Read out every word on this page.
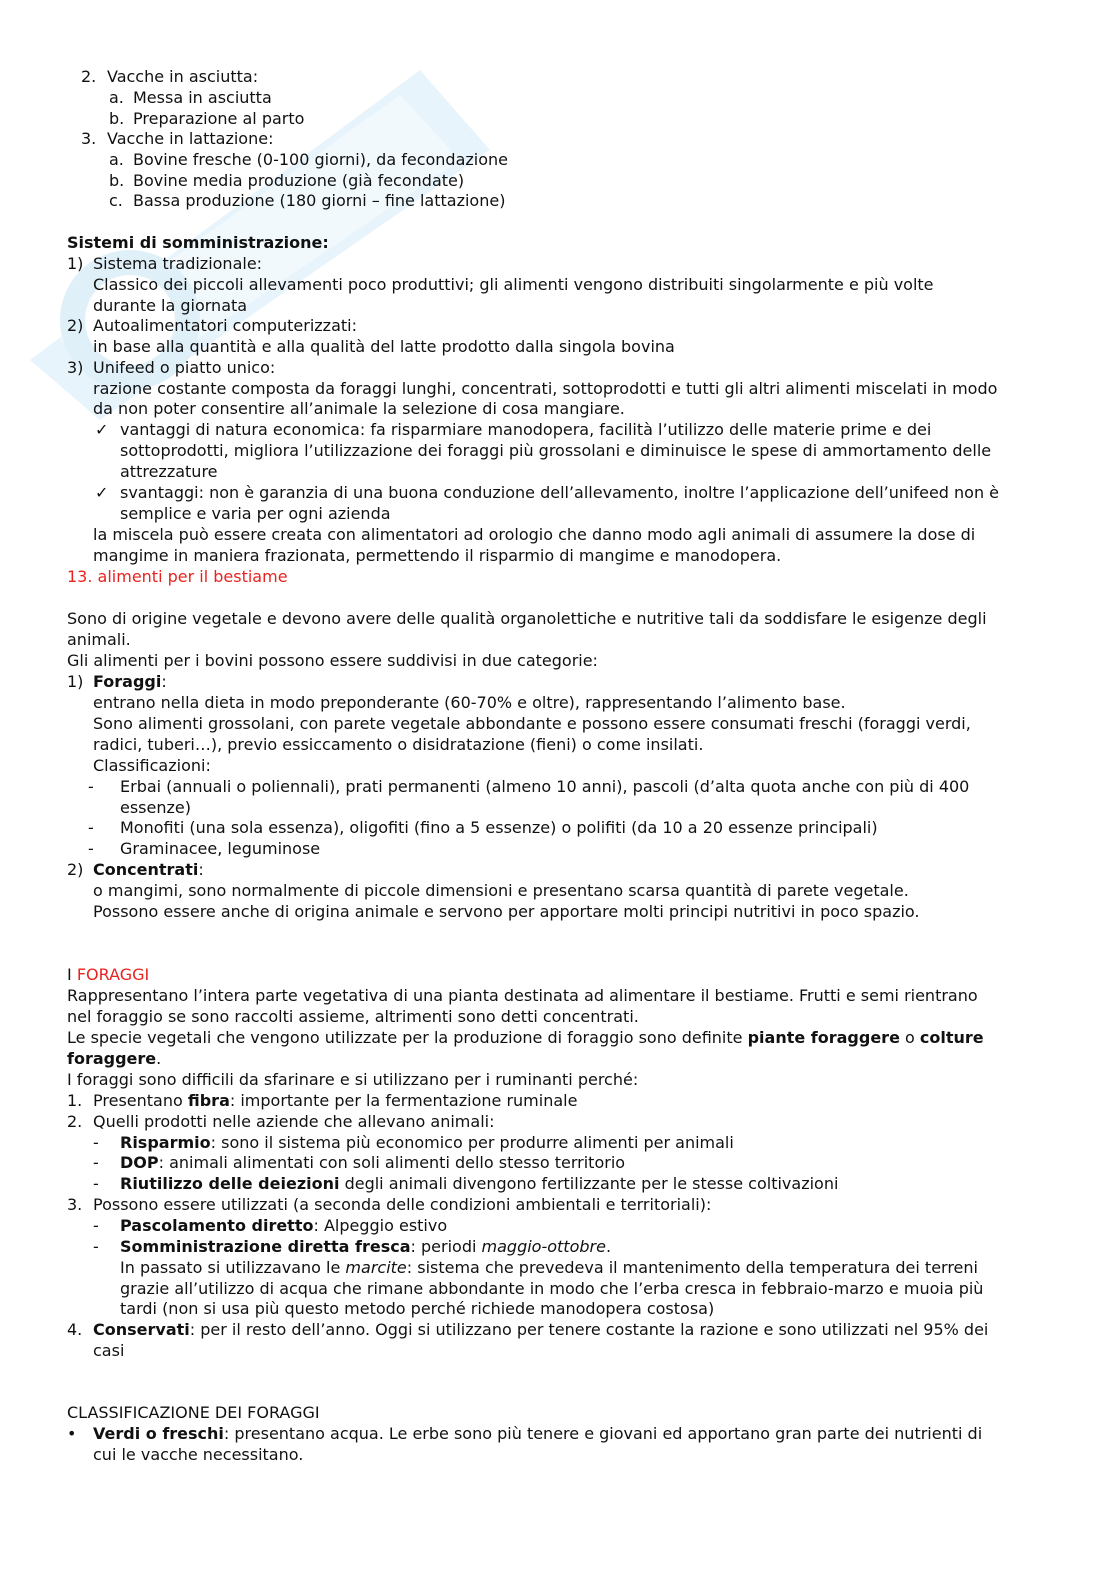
2. Vacche in asciutta:
a. Messa in asciutta
b. Preparazione al parto
3. Vacche in lattazione:
a. Bovine fresche (0-100 giorni), da fecondazione
b. Bovine media produzione (già fecondate)
c. Bassa produzione (180 giorni – fine lattazione)
Sistemi di somministrazione:
1) Sistema tradizionale:
Classico dei piccoli allevamenti poco produttivi; gli alimenti vengono distribuiti singolarmente e più volte
durante la giornata
2) Autoalimentatori computerizzati:
in base alla quantità e alla qualità del latte prodotto dalla singola bovina
3) Unifeed o piatto unico:
razione costante composta da foraggi lunghi, concentrati, sottoprodotti e tutti gli altri alimenti miscelati in modo
da non poter consentire all’animale la selezione di cosa mangiare.
✓ vantaggi di natura economica: fa risparmiare manodopera, facilità l’utilizzo delle materie prime e dei
sottoprodotti, migliora l’utilizzazione dei foraggi più grossolani e diminuisce le spese di ammortamento delle
attrezzature
✓ svantaggi: non è garanzia di una buona conduzione dell’allevamento, inoltre l’applicazione dell’unifeed non è
semplice e varia per ogni azienda
la miscela può essere creata con alimentatori ad orologio che danno modo agli animali di assumere la dose di
mangime in maniera frazionata, permettendo il risparmio di mangime e manodopera.
13. alimenti per il bestiame
Sono di origine vegetale e devono avere delle qualità organolettiche e nutritive tali da soddisfare le esigenze degli
animali.
Gli alimenti per i bovini possono essere suddivisi in due categorie:
1) Foraggi:
entrano nella dieta in modo preponderante (60-70% e oltre), rappresentando l’alimento base.
Sono alimenti grossolani, con parete vegetale abbondante e possono essere consumati freschi (foraggi verdi,
radici, tuberi…), previo essiccamento o disidratazione (fieni) o come insilati.
Classificazioni:
- Erbai (annuali o poliennali), prati permanenti (almeno 10 anni), pascoli (d’alta quota anche con più di 400
essenze)
- Monofiti (una sola essenza), oligofiti (fino a 5 essenze) o polifiti (da 10 a 20 essenze principali)
- Graminacee, leguminose
2) Concentrati:
o mangimi, sono normalmente di piccole dimensioni e presentano scarsa quantità di parete vegetale.
Possono essere anche di origina animale e servono per apportare molti principi nutritivi in poco spazio.
I FORAGGI
Rappresentano l’intera parte vegetativa di una pianta destinata ad alimentare il bestiame. Frutti e semi rientrano
nel foraggio se sono raccolti assieme, altrimenti sono detti concentrati.
Le specie vegetali che vengono utilizzate per la produzione di foraggio sono definite piante foraggere o colture
foraggere.
I foraggi sono difficili da sfarinare e si utilizzano per i ruminanti perché:
1. Presentano fibra: importante per la fermentazione ruminale
2. Quelli prodotti nelle aziende che allevano animali:
- Risparmio: sono il sistema più economico per produrre alimenti per animali
- DOP: animali alimentati con soli alimenti dello stesso territorio
- Riutilizzo delle deiezioni degli animali divengono fertilizzante per le stesse coltivazioni
3. Possono essere utilizzati (a seconda delle condizioni ambientali e territoriali):
- Pascolamento diretto: Alpeggio estivo
- Somministrazione diretta fresca: periodi maggio-ottobre.
In passato si utilizzavano le marcite: sistema che prevedeva il mantenimento della temperatura dei terreni
grazie all’utilizzo di acqua che rimane abbondante in modo che l’erba cresca in febbraio-marzo e muoia più
tardi (non si usa più questo metodo perché richiede manodopera costosa)
4. Conservati: per il resto dell’anno. Oggi si utilizzano per tenere costante la razione e sono utilizzati nel 95% dei
casi
CLASSIFICAZIONE DEI FORAGGI
• Verdi o freschi: presentano acqua. Le erbe sono più tenere e giovani ed apportano gran parte dei nutrienti di
cui le vacche necessitano.
